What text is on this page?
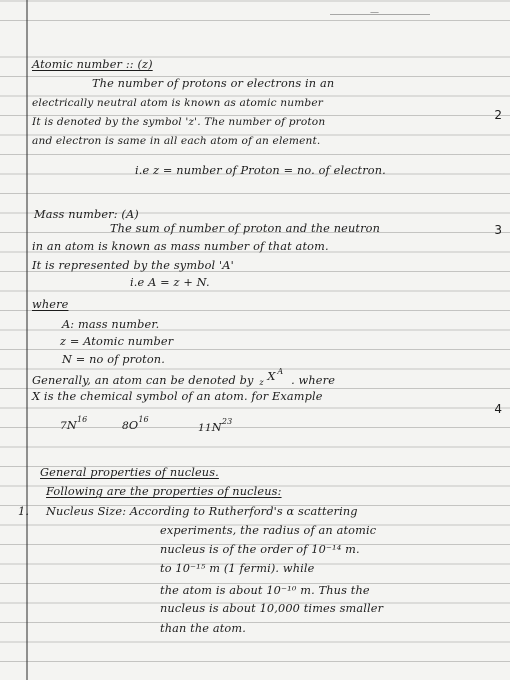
—
Atomic number :: (z)
The number of protons or electrons in an
electrically neutral atom is known as atomic number
It is denoted by the symbol 'z'. The number of proton
and electron is same in all each atom of an element.
i.e z = number of Proton = no. of electron.
2
Mass number: (A)
The sum of number of proton and the neutron
in an atom is known as mass number of that atom.
It is represented by the symbol 'A'
i.e A = z + N.
3
where
A: mass number.
z = Atomic number
N = no of proton.
Generally, an atom can be denoted by z X A
. where
X is the chemical symbol of an atom. for Example
$7N^{16}$
$8O^{16}$
$11N^{23}$
4
General properties of nucleus.
Following are the properties of nucleus:
1. Nucleus Size: According to Rutherford's α scattering
experiments, the radius of an atomic
nucleus is of the order of 10⁻¹⁴ m.
to 10⁻¹⁵ m (1 fermi). while
the atom is about 10⁻¹⁰ m. Thus the
nucleus is about 10,000 times smaller
than the atom.
